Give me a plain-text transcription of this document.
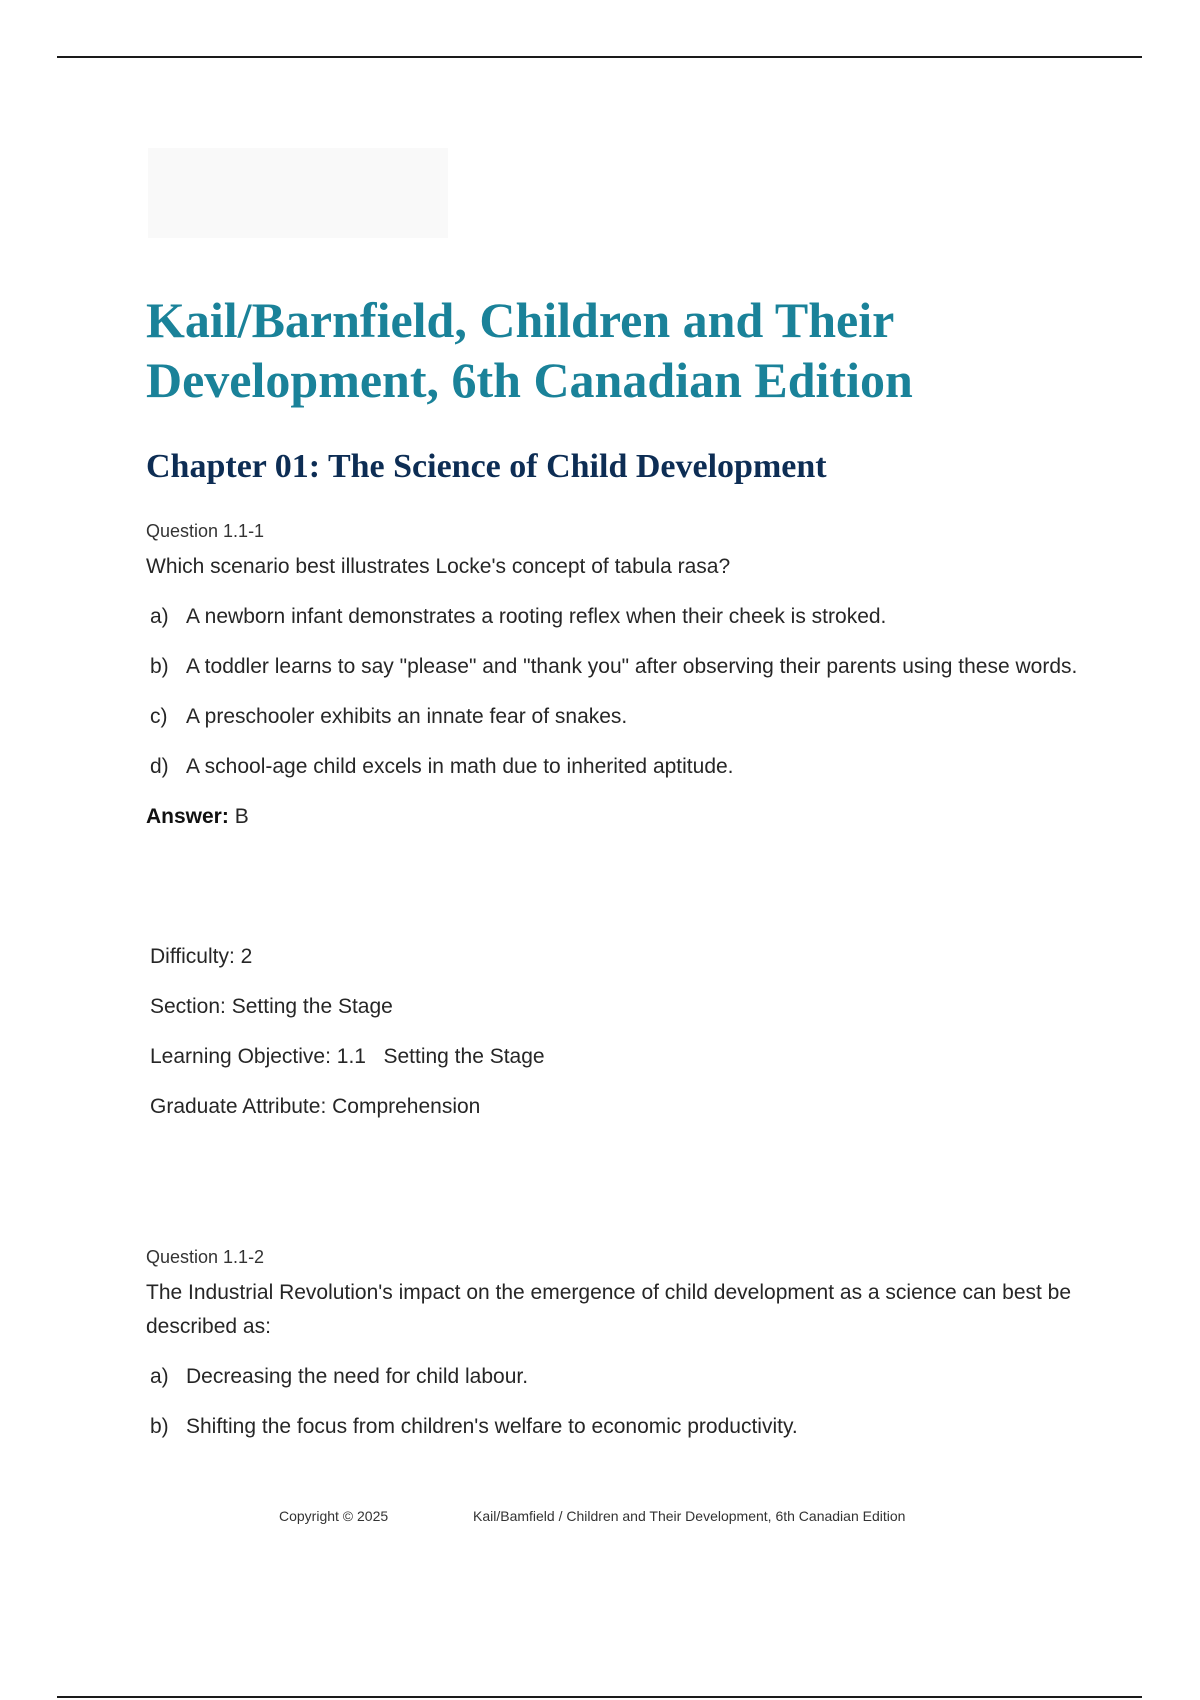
Kail/Barnfield, Children and Their Development, 6th Canadian Edition
Chapter 01: The Science of Child Development

Question 1.1-1

Which scenario best illustrates Locke's concept of tabula rasa?

a) A newborn infant demonstrates a rooting reflex when their cheek is stroked.
b) A toddler learns to say "please" and "thank you" after observing their parents using these words.
c) A preschooler exhibits an innate fear of snakes.
d) A school-age child excels in math due to inherited aptitude.

Answer: B

Difficulty: 2
Section: Setting the Stage
Learning Objective: 1.1   Setting the Stage
Graduate Attribute: Comprehension

Question 1.1-2

The Industrial Revolution's impact on the emergence of child development as a science can best be described as:

a) Decreasing the need for child labour.
b) Shifting the focus from children's welfare to economic productivity.
Copyright © 2025	Kail/Bamfield / Children and Their Development, 6th Canadian Edition
